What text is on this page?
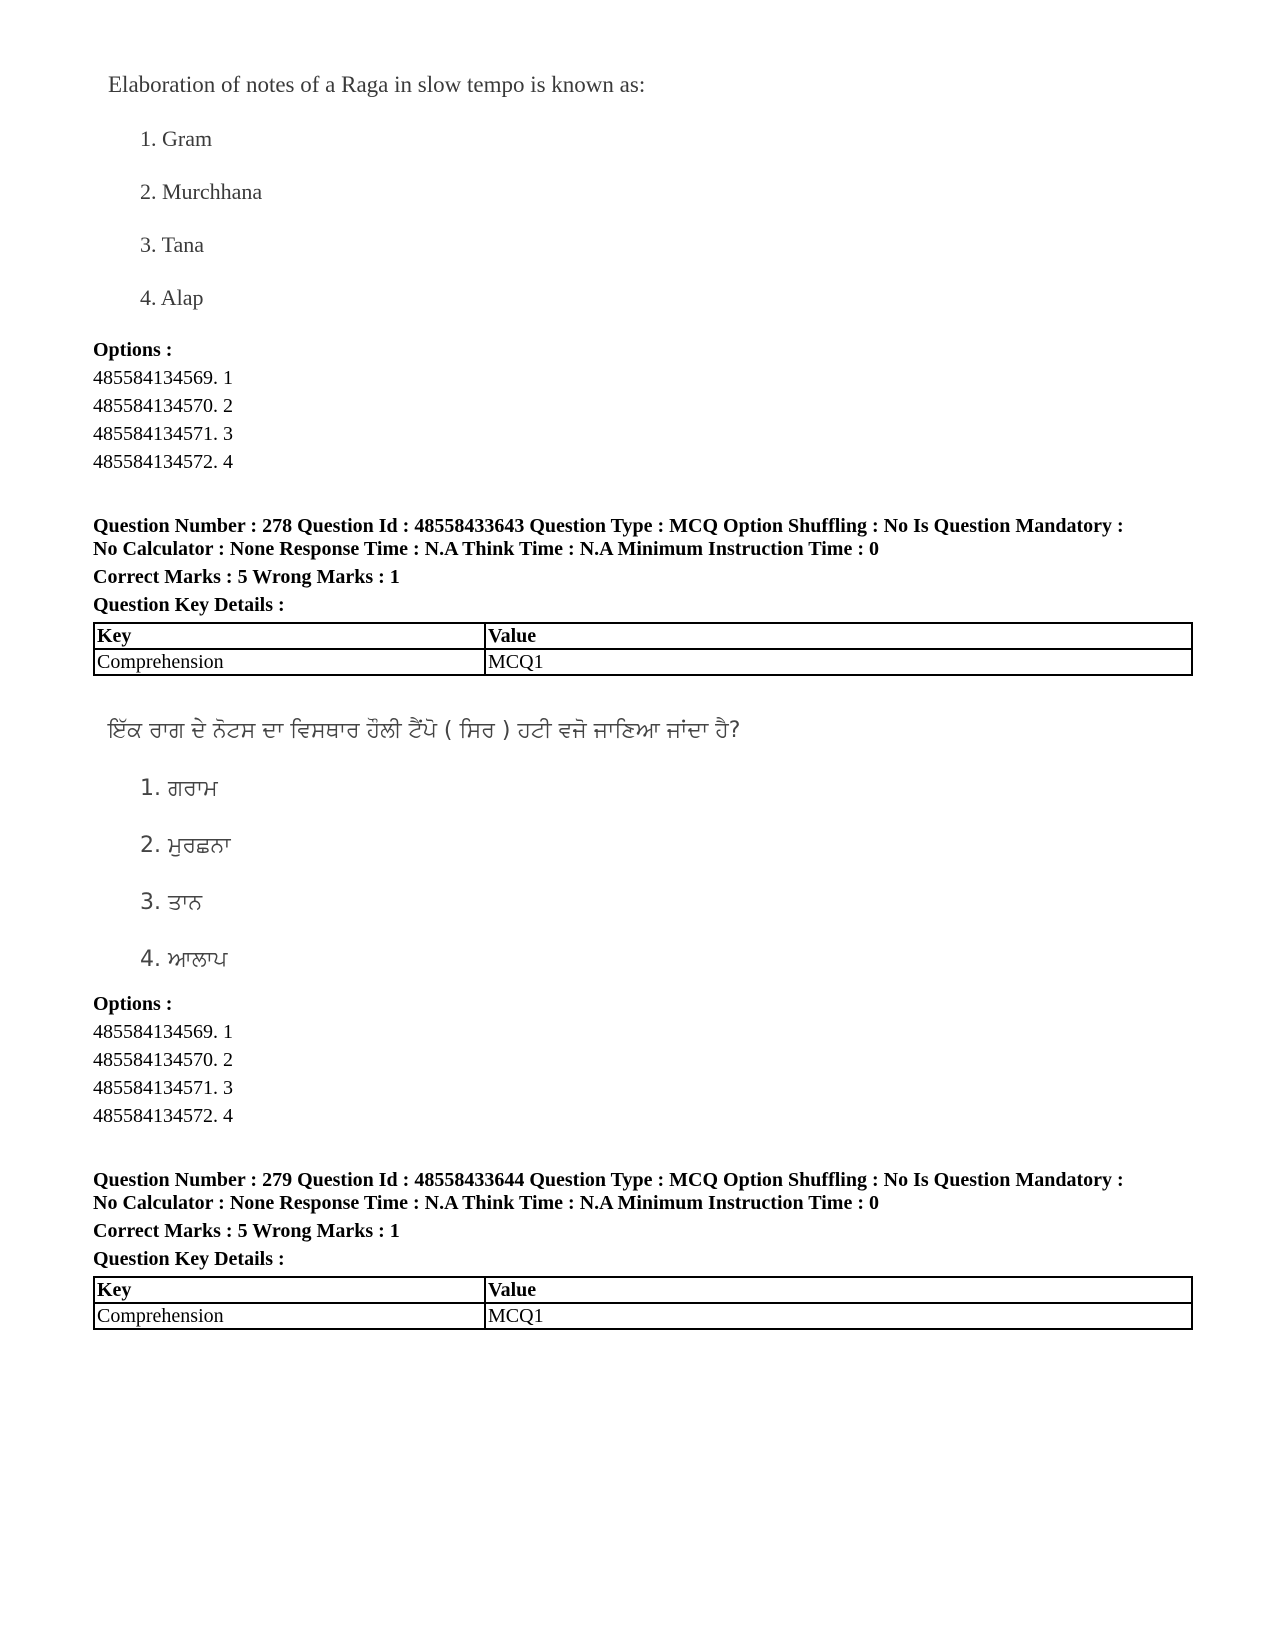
Elaboration of notes of a Raga in slow tempo is known as:

1. Gram
2. Murchhana
3. Tana
4. Alap
Options :
485584134569. 1
485584134570. 2
485584134571. 3
485584134572. 4
Question Number : 278 Question Id : 48558433643 Question Type : MCQ Option Shuffling : No Is Question Mandatory :
No Calculator : None Response Time : N.A Think Time : N.A Minimum Instruction Time : 0
Correct Marks : 5 Wrong Marks : 1
Question Key Details :
Key	Value
Comprehension	MCQ1

ਇੱਕ ਰਾਗ ਦੇ ਨੋਟਸ ਦਾ ਵਿਸਥਾਰ ਹੌਲੀ ਟੈਂਪੋ ( ਸਿਰ ) ਹਟੀ ਵਜੋ ਜਾਣਿਆ ਜਾਂਦਾ ਹੈ?

1. ਗਰਾਮ
2. ਮੁਰਛਨਾ
3. ਤਾਨ
4. ਆਲਾਪ
Options :
485584134569. 1
485584134570. 2
485584134571. 3
485584134572. 4
Question Number : 279 Question Id : 48558433644 Question Type : MCQ Option Shuffling : No Is Question Mandatory :
No Calculator : None Response Time : N.A Think Time : N.A Minimum Instruction Time : 0
Correct Marks : 5 Wrong Marks : 1
Question Key Details :
Key	Value
Comprehension	MCQ1
